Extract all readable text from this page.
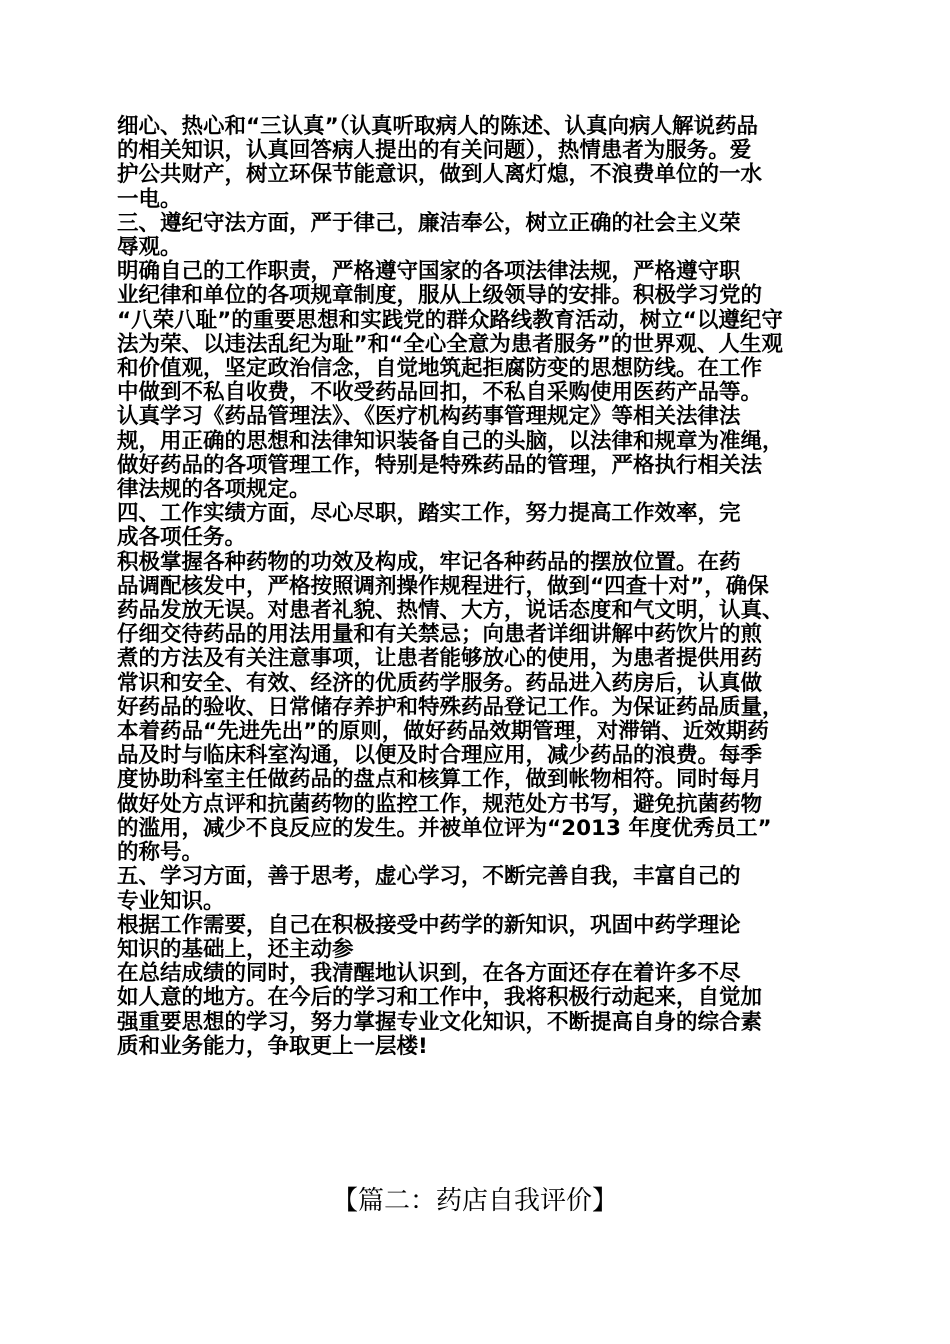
细心、热心和“三认真”（认真听取病人的陈述、认真向病人解说药品
的相关知识，认真回答病人提出的有关问题），热情患者为服务。爱
护公共财产，树立环保节能意识，做到人离灯熄，不浪费单位的一水
一电。
三、遵纪守法方面，严于律己，廉洁奉公，树立正确的社会主义荣
辱观。
明确自己的工作职责，严格遵守国家的各项法律法规，严格遵守职
业纪律和单位的各项规章制度，服从上级领导的安排。积极学习党的
“八荣八耻”的重要思想和实践党的群众路线教育活动，树立“以遵纪守
法为荣、以违法乱纪为耻”和“全心全意为患者服务”的世界观、人生观
和价值观，坚定政治信念，自觉地筑起拒腐防变的思想防线。在工作
中做到不私自收费，不收受药品回扣，不私自采购使用医药产品等。
认真学习《药品管理法》、《医疗机构药事管理规定》等相关法律法
规，用正确的思想和法律知识装备自己的头脑，以法律和规章为准绳，
做好药品的各项管理工作，特别是特殊药品的管理，严格执行相关法
律法规的各项规定。
四、工作实绩方面，尽心尽职，踏实工作，努力提高工作效率，完
成各项任务。
积极掌握各种药物的功效及构成，牢记各种药品的摆放位置。在药
品调配核发中，严格按照调剂操作规程进行，做到“四查十对”，确保
药品发放无误。对患者礼貌、热情、大方，说话态度和气文明，认真、
仔细交待药品的用法用量和有关禁忌；向患者详细讲解中药饮片的煎
煮的方法及有关注意事项，让患者能够放心的使用，为患者提供用药
常识和安全、有效、经济的优质药学服务。药品进入药房后，认真做
好药品的验收、日常储存养护和特殊药品登记工作。为保证药品质量，
本着药品“先进先出”的原则，做好药品效期管理，对滞销、近效期药
品及时与临床科室沟通，以便及时合理应用，减少药品的浪费。每季
度协助科室主任做药品的盘点和核算工作，做到帐物相符。同时每月
做好处方点评和抗菌药物的监控工作，规范处方书写，避免抗菌药物
的滥用，减少不良反应的发生。并被单位评为“2013 年度优秀员工”
的称号。
五、学习方面，善于思考，虚心学习，不断完善自我，丰富自己的
专业知识。
根据工作需要，自己在积极接受中药学的新知识，巩固中药学理论
知识的基础上，还主动参
在总结成绩的同时，我清醒地认识到，在各方面还存在着许多不尽
如人意的地方。在今后的学习和工作中，我将积极行动起来，自觉加
强重要思想的学习，努力掌握专业文化知识，不断提高自身的综合素
质和业务能力，争取更上一层楼!
【篇二：药店自我评价】
